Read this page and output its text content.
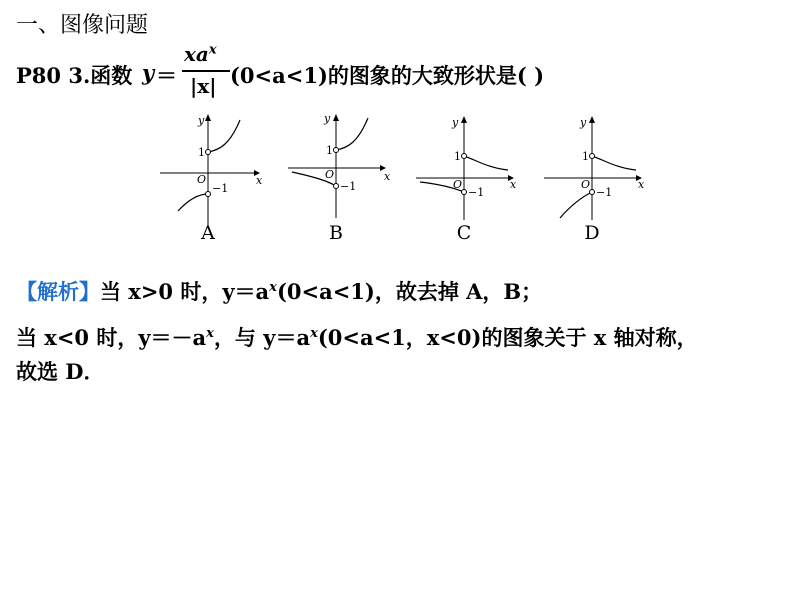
一、图像问题
P80 3.函数 y ＝
$xa^x$
|x| (0<a<1)的图象的大致形状是( )
y
x
O
1
−1
A
y
x
O
1
−1
B
y
x
O
1
−1
C
y
x
O
1
−1
D
【解析】当 x>0 时，$y=a^x(0<a<1)$，故去掉 A，B；
当 x<0 时，$y=-a^x$，与 $y=a^x(0<a<1$，x<0)的图象关于 x 轴对称，
故选 D．
